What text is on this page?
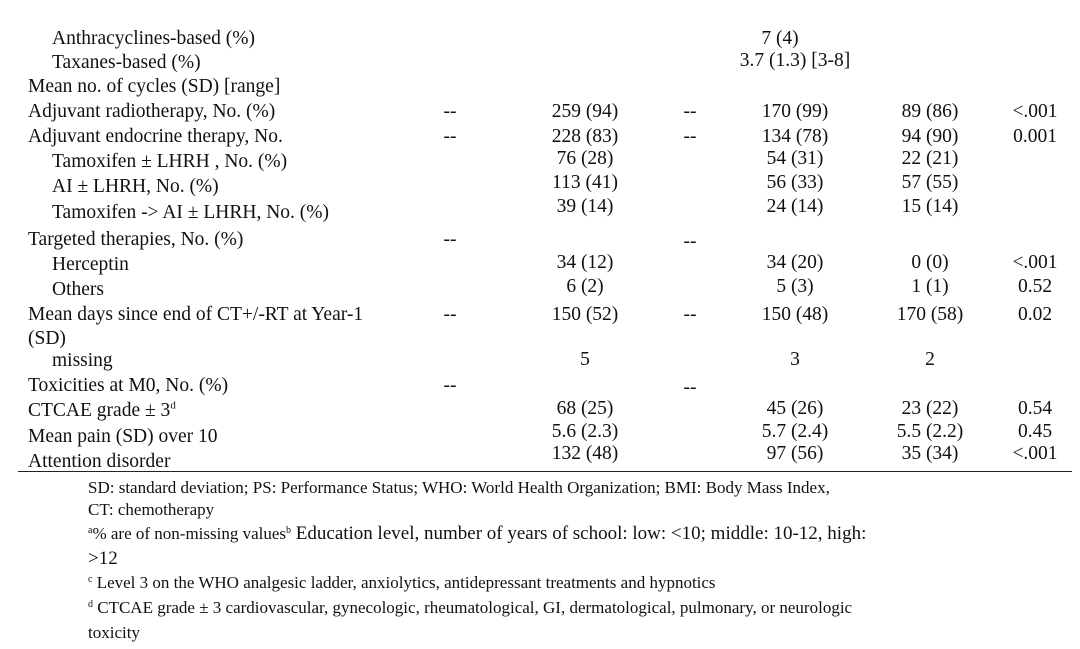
Anthracyclines-based (%)	7 (4)
Taxanes-based (%)	3.7 (1.3) [3-8]
Mean no. of cycles (SD) [range]
Adjuvant radiotherapy, No. (%)	--	259 (94)	--	170 (99)	89 (86)	<.001
Adjuvant endocrine therapy, No.	--	228 (83)	--	134 (78)	94 (90)	0.001
Tamoxifen ± LHRH , No. (%)	76 (28)	54 (31)	22 (21)
AI ± LHRH, No. (%)	113 (41)	56 (33)	57 (55)
Tamoxifen -> AI ± LHRH, No. (%)	39 (14)	24 (14)	15 (14)
Targeted therapies, No. (%)	--	--
Herceptin	34 (12)	34 (20)	0 (0)	<.001
Others	6 (2)	5 (3)	1 (1)	0.52
Mean days since end of CT+/-RT at Year-1	--	150 (52)	--	150 (48)	170 (58)	0.02
(SD)
missing	5	3	2
Toxicities at M0, No. (%)	--	--
CTCAE grade ± $3^d$	68 (25)	45 (26)	23 (22)	0.54
Mean pain (SD) over 10	5.6 (2.3)	5.7 (2.4)	5.5 (2.2)	0.45
Attention disorder	132 (48)	97 (56)	35 (34)	<.001
SD: standard deviation; PS: Performance Status; WHO: World Health Organization; BMI: Body Mass Index,
CT: chemotherapy
$^a$% are of non-missing values$^b$ Education level, number of years of school: low: <10; middle: 10-12, high:
>12
$^c$ Level 3 on the WHO analgesic ladder, anxiolytics, antidepressant treatments and hypnotics
$^d$ CTCAE grade ± 3 cardiovascular, gynecologic, rheumatological, GI, dermatological, pulmonary, or neurologic
toxicity
